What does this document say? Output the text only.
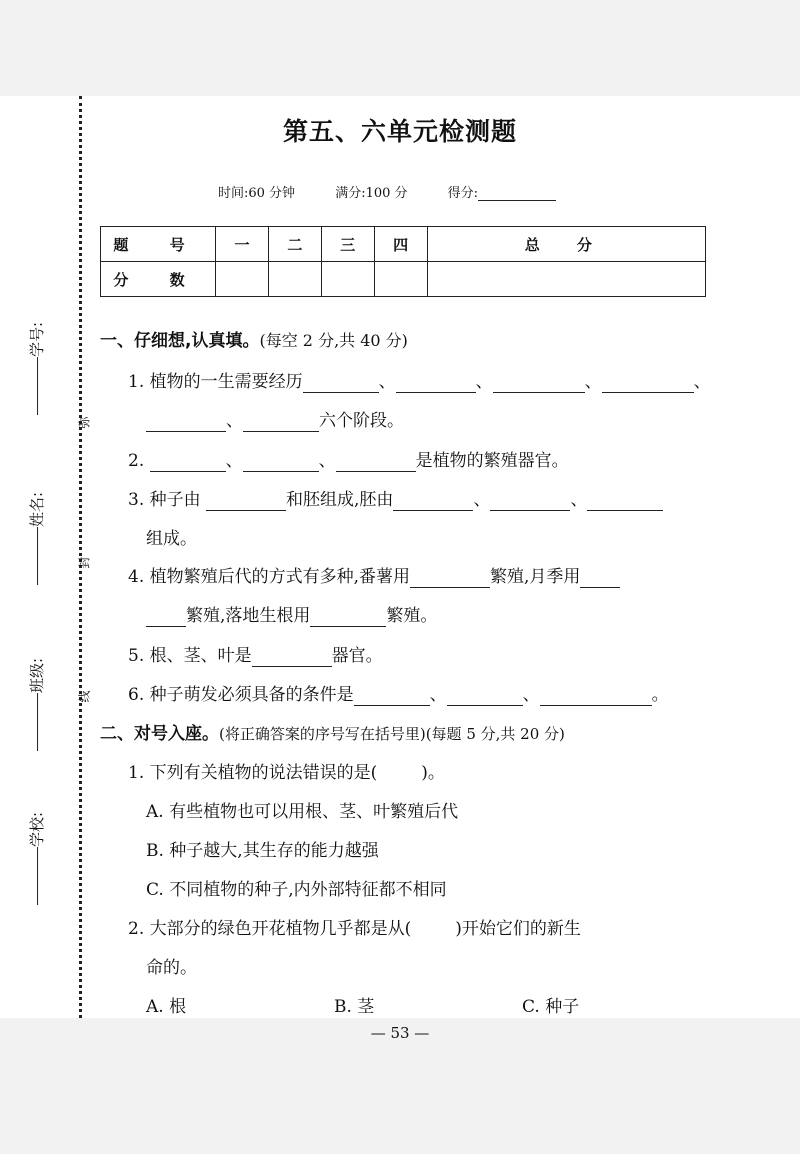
学号:
姓名:
班级:
学校:
弥
封
线
第五、六单元检测题
时间:60 分钟	满分:100 分	得分:
题 号	一	二	三	四	总 分
分 数					
一、仔细想,认真填。(每空 2 分,共 40 分)
1. 植物的一生需要经历	、	、	、	、
、	六个阶段。
2.	、	、	是植物的繁殖器官。
3. 种子由	和胚组成,胚由	、	、
组成。
4. 植物繁殖后代的方式有多种,番薯用	繁殖,月季用
繁殖,落地生根用	繁殖。
5. 根、茎、叶是	器官。
6. 种子萌发必须具备的条件是	、	、	。
二、对号入座。(将正确答案的序号写在括号里)(每题 5 分,共 20 分)
1. 下列有关植物的说法错误的是(	)。
A. 有些植物也可以用根、茎、叶繁殖后代
B. 种子越大,其生存的能力越强
C. 不同植物的种子,内外部特征都不相同
2. 大部分的绿色开花植物几乎都是从(	)开始它们的新生
命的。
A. 根	B. 茎	C. 种子
— 53 —
